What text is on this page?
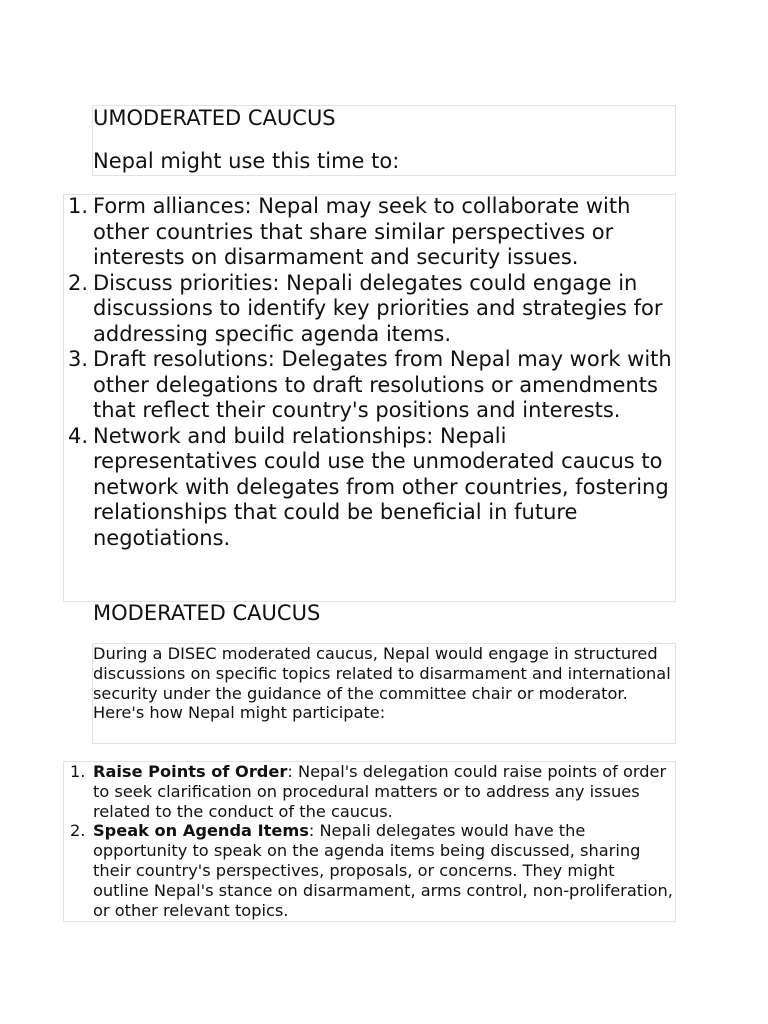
UMODERATED CAUCUS

Nepal might use this time to:

1. Form alliances: Nepal may seek to collaborate with other countries that share similar perspectives or interests on disarmament and security issues.
2. Discuss priorities: Nepali delegates could engage in discussions to identify key priorities and strategies for addressing specific agenda items.
3. Draft resolutions: Delegates from Nepal may work with other delegations to draft resolutions or amendments that reflect their country's positions and interests.
4. Network and build relationships: Nepali representatives could use the unmoderated caucus to network with delegates from other countries, fostering relationships that could be beneficial in future negotiations.
MODERATED CAUCUS

During a DISEC moderated caucus, Nepal would engage in structured discussions on specific topics related to disarmament and international security under the guidance of the committee chair or moderator. Here's how Nepal might participate:

1. Raise Points of Order: Nepal's delegation could raise points of order to seek clarification on procedural matters or to address any issues related to the conduct of the caucus.
2. Speak on Agenda Items: Nepali delegates would have the opportunity to speak on the agenda items being discussed, sharing their country's perspectives, proposals, or concerns. They might outline Nepal's stance on disarmament, arms control, non-proliferation, or other relevant topics.
